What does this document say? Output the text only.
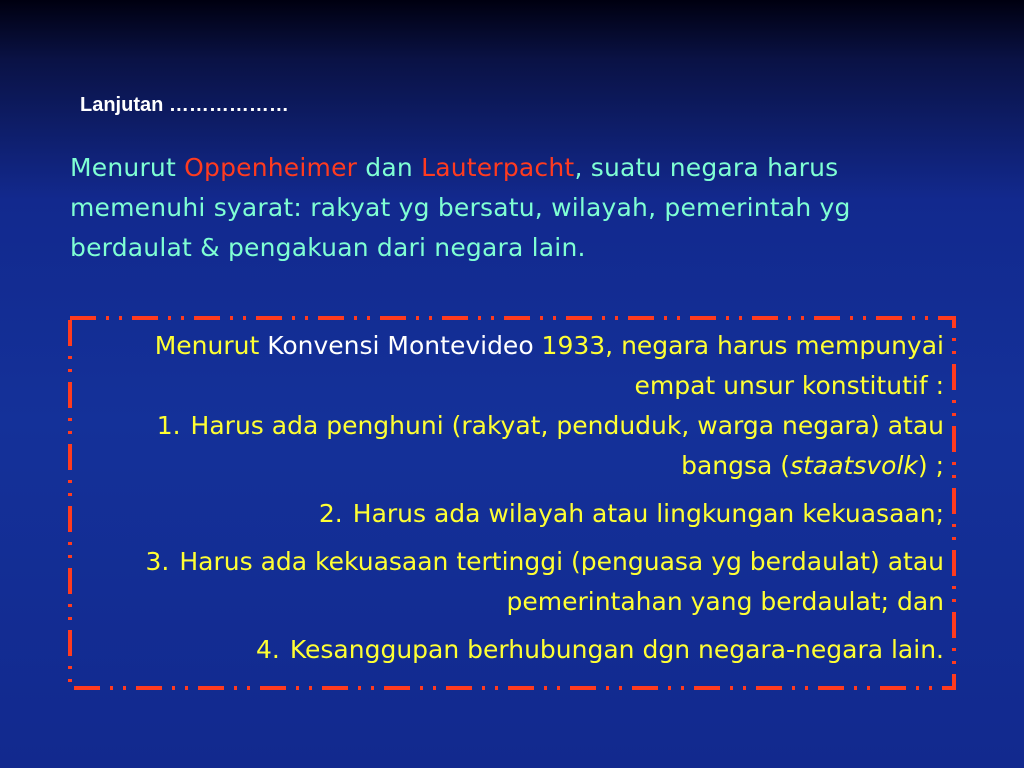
Lanjutan ………………
Menurut Oppenheimer dan Lauterpacht, suatu negara harus memenuhi syarat: rakyat yg bersatu, wilayah, pemerintah yg berdaulat & pengakuan dari negara lain.

Menurut Konvensi Montevideo 1933, negara harus mempunyai empat unsur konstitutif :

1. Harus ada penghuni (rakyat, penduduk, warga negara) atau bangsa (staatsvolk) ;

2. Harus ada wilayah atau lingkungan kekuasaan;

3. Harus ada kekuasaan tertinggi (penguasa yg berdaulat) atau pemerintahan yang berdaulat; dan

4. Kesanggupan berhubungan dgn negara-negara lain.
